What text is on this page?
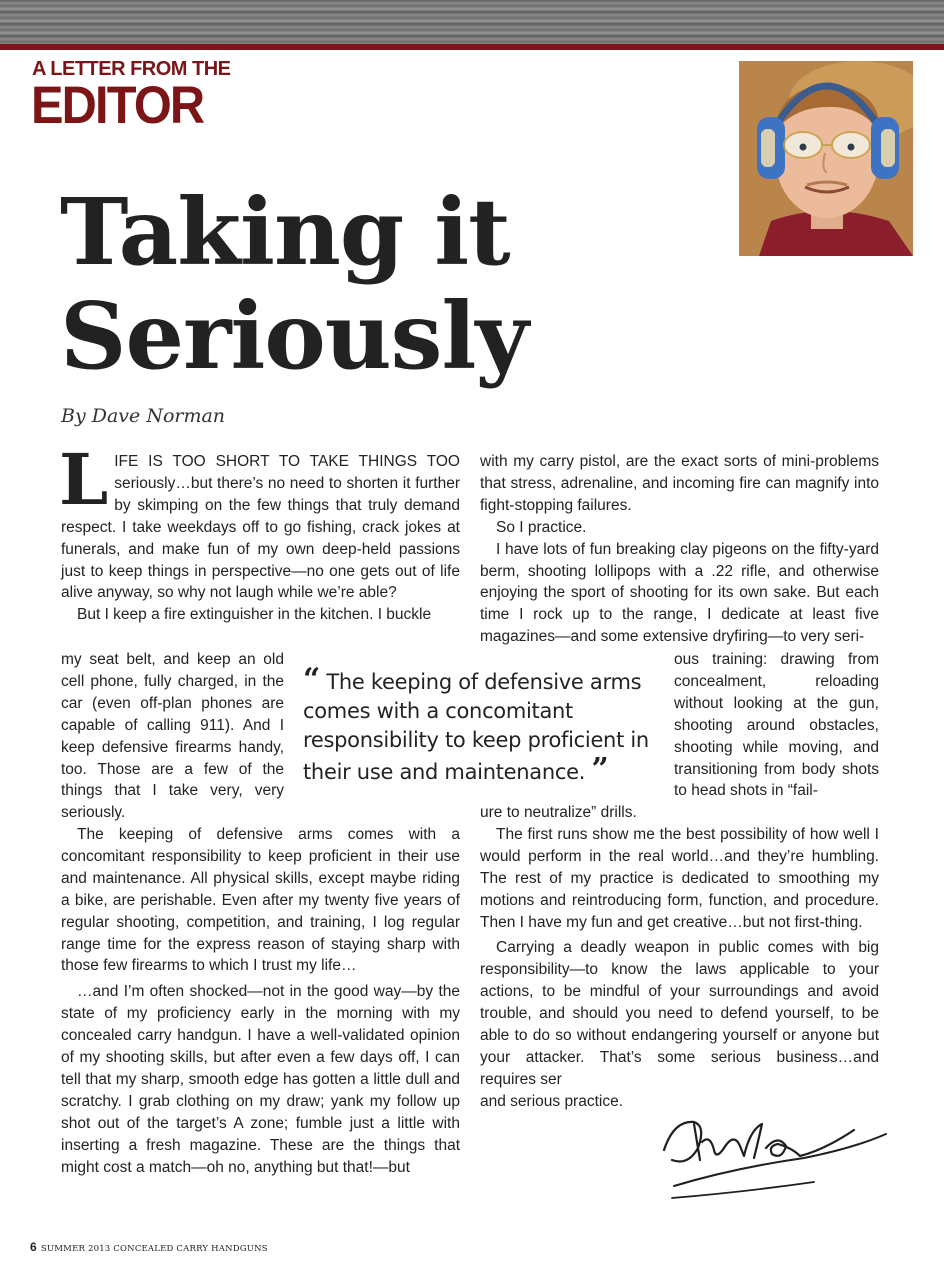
A LETTER FROM THE
EDITOR
Taking it
Seriously
By Dave Norman

LIFE IS TOO SHORT TO TAKE THINGS TOO seriously…but there’s no need to shorten it further by skimping on the few things that truly demand respect. I take weekdays off to go fishing, crack jokes at funerals, and make fun of my own deep-held passions just to keep things in perspective—no one gets out of life alive anyway, so why not laugh while we’re able?

But I keep a fire extinguisher in the kitchen. I buckle

my seat belt, and keep an old cell phone, fully charged, in the car (even off-plan phones are capable of calling 911). And I keep defensive firearms handy, too. Those are a few of the things that I take very, very seriously.

The keeping of defensive arms comes with a concomitant responsibility to keep proficient in their use and maintenance. All physical skills, except maybe riding a bike, are perishable. Even after my twenty five years of regular shooting, competition, and training, I log regular range time for the express reason of staying sharp with those few firearms to which I trust my life…

…and I’m often shocked—not in the good way—by the state of my proficiency early in the morning with my concealed carry handgun. I have a well-validated opinion of my shooting skills, but after even a few days off, I can tell that my sharp, smooth edge has gotten a little dull and scratchy. I grab clothing on my draw; yank my follow up shot out of the target’s A zone; fumble just a little with inserting a fresh magazine. These are the things that might cost a match—oh no, anything but that!—but

with my carry pistol, are the exact sorts of mini-problems that stress, adrenaline, and incoming fire can magnify into fight-stopping failures.

So I practice.

I have lots of fun breaking clay pigeons on the fifty-yard berm, shooting lollipops with a .22 rifle, and otherwise enjoying the sport of shooting for its own sake. But each time I rock up to the range, I dedicate at least five magazines—and some extensive dryfiring—to very seri-

ous training: drawing from concealment, reloading without looking at the gun, shooting around obstacles, shooting while moving, and transitioning from body shots to head shots in “fail-

ure to neutralize” drills.

The first runs show me the best possibility of how well I would perform in the real world…and they’re humbling. The rest of my practice is dedicated to smoothing my motions and reintroducing form, function, and procedure. Then I have my fun and get creative…but not first-thing.

Carrying a deadly weapon in public comes with big responsibility—to know the laws applicable to your actions, to be mindful of your surroundings and avoid trouble, and should you need to defend yourself, to be able to do so without endangering yourself or anyone but your attacker. That’s some serious business…and requires ser

and serious practice.

“ The keeping of defensive arms comes with a concomitant responsibility to keep proficient in their use and maintenance. ”

6 SUMMER 2013 CONCEALED CARRY HANDGUNS
